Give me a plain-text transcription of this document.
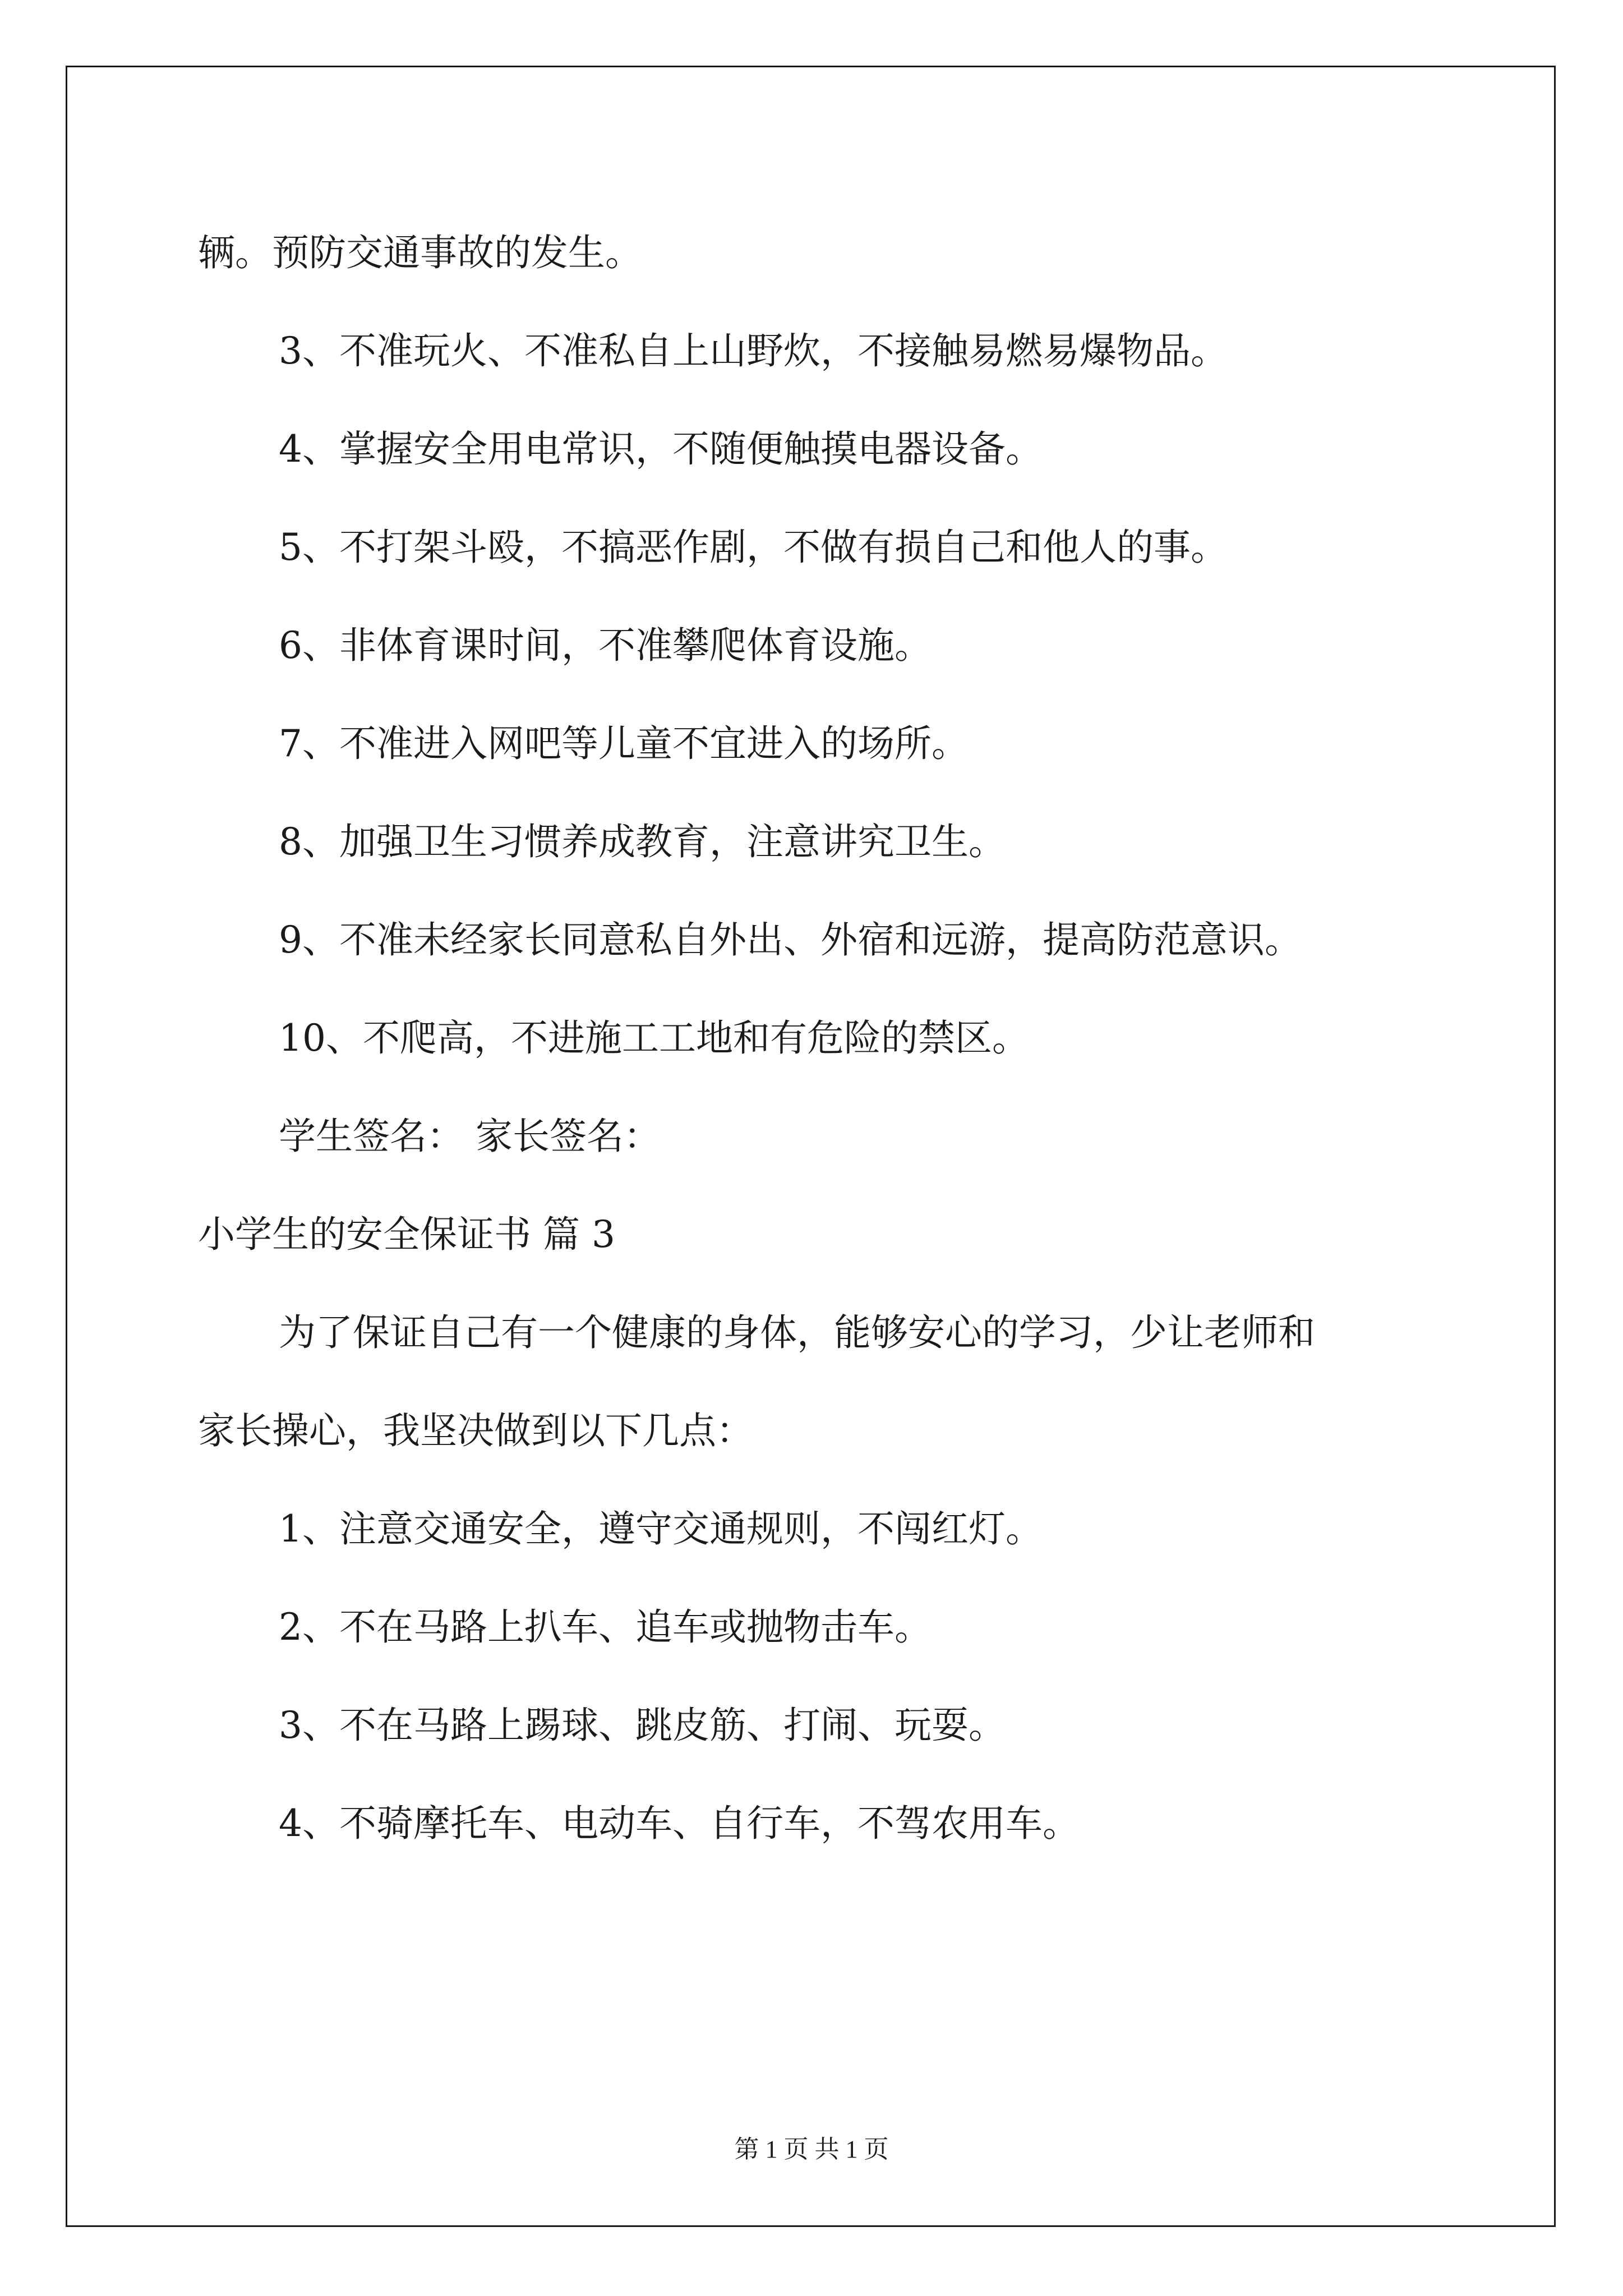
辆。预防交通事故的发生。
3、不准玩火、不准私自上山野炊，不接触易燃易爆物品。
4、掌握安全用电常识，不随便触摸电器设备。
5、不打架斗殴，不搞恶作剧，不做有损自己和他人的事。
6、非体育课时间，不准攀爬体育设施。
7、不准进入网吧等儿童不宜进入的场所。
8、加强卫生习惯养成教育，注意讲究卫生。
9、不准未经家长同意私自外出、外宿和远游，提高防范意识。
10、不爬高，不进施工工地和有危险的禁区。
学生签名： 家长签名：
小学生的安全保证书 篇 3
为了保证自己有一个健康的身体，能够安心的学习，少让老师和
家长操心，我坚决做到以下几点：
1、注意交通安全，遵守交通规则，不闯红灯。
2、不在马路上扒车、追车或抛物击车。
3、不在马路上踢球、跳皮筋、打闹、玩耍。
4、不骑摩托车、电动车、自行车，不驾农用车。
第 1 页 共 1 页
